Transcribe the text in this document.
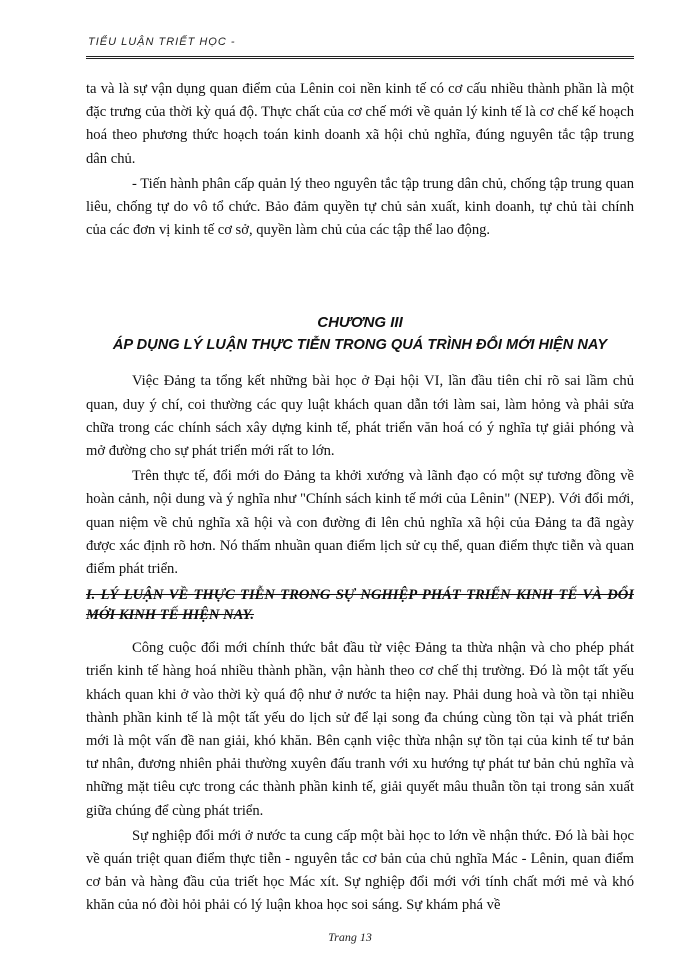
TIỂU LUẬN TRIẾT HỌC -

ta và là sự vận dụng quan điểm của Lênin coi nền kinh tế có cơ cấu nhiều thành phần là một đặc trưng của thời kỳ quá độ. Thực chất của cơ chế mới về quản lý kinh tế là cơ chế kế hoạch hoá theo phương thức hoạch toán kinh doanh xã hội chủ nghĩa, đúng nguyên tắc tập trung dân chủ.

- Tiến hành phân cấp quản lý theo nguyên tắc tập trung dân chủ, chống tập trung quan liêu, chống tự do vô tổ chức. Bảo đảm quyền tự chủ sản xuất, kinh doanh, tự chủ tài chính của các đơn vị kinh tế cơ sở, quyền làm chủ của các tập thể lao động.

CHƯƠNG III
ÁP DỤNG LÝ LUẬN THỰC TIỄN TRONG QUÁ TRÌNH ĐỔI MỚI HIỆN NAY

Việc Đảng ta tổng kết những bài học ở Đại hội VI, lần đầu tiên chỉ rõ sai lầm chủ quan, duy ý chí, coi thường các quy luật khách quan dẫn tới làm sai, làm hỏng và phải sửa chữa trong các chính sách xây dựng kinh tế, phát triển văn hoá có ý nghĩa tự giải phóng và mở đường cho sự phát triển mới rất to lớn.

Trên thực tế, đổi mới do Đảng ta khởi xướng và lãnh đạo có một sự tương đồng về hoàn cảnh, nội dung và ý nghĩa như "Chính sách kinh tế mới của Lênin" (NEP). Với đổi mới, quan niệm về chủ nghĩa xã hội và con đường đi lên chủ nghĩa xã hội của Đảng ta đã ngày được xác định rõ hơn. Nó thấm nhuần quan điểm lịch sử cụ thể, quan điểm thực tiễn và quan điểm phát triển.

I. LÝ LUẬN VỀ THỰC TIỄN TRONG SỰ NGHIỆP PHÁT TRIỂN KINH TẾ VÀ ĐỔI MỚI KINH TẾ HIỆN NAY.

Công cuộc đổi mới chính thức bắt đầu từ việc Đảng ta thừa nhận và cho phép phát triển kinh tế hàng hoá nhiều thành phần, vận hành theo cơ chế thị trường. Đó là một tất yếu khách quan khi ở vào thời kỳ quá độ như ở nước ta hiện nay. Phải dung hoà và tồn tại nhiều thành phần kinh tế là một tất yếu do lịch sử để lại song đa chúng cùng tồn tại và phát triển mới là một vấn đề nan giải, khó khăn. Bên cạnh việc thừa nhận sự tồn tại của kinh tế tư bản tư nhân, đương nhiên phải thường xuyên đấu tranh với xu hướng tự phát tư bản chủ nghĩa và những mặt tiêu cực trong các thành phần kinh tế, giải quyết mâu thuẫn tồn tại trong sản xuất giữa chúng để cùng phát triển.

Sự nghiệp đổi mới ở nước ta cung cấp một bài học to lớn về nhận thức. Đó là bài học về quán triệt quan điểm thực tiễn - nguyên tắc cơ bản của chủ nghĩa Mác - Lênin, quan điểm cơ bản và hàng đầu của triết học Mác xít. Sự nghiệp đổi mới với tính chất mới mẻ và khó khăn của nó đòi hỏi phải có lý luận khoa học soi sáng. Sự khám phá về

Trang 13
